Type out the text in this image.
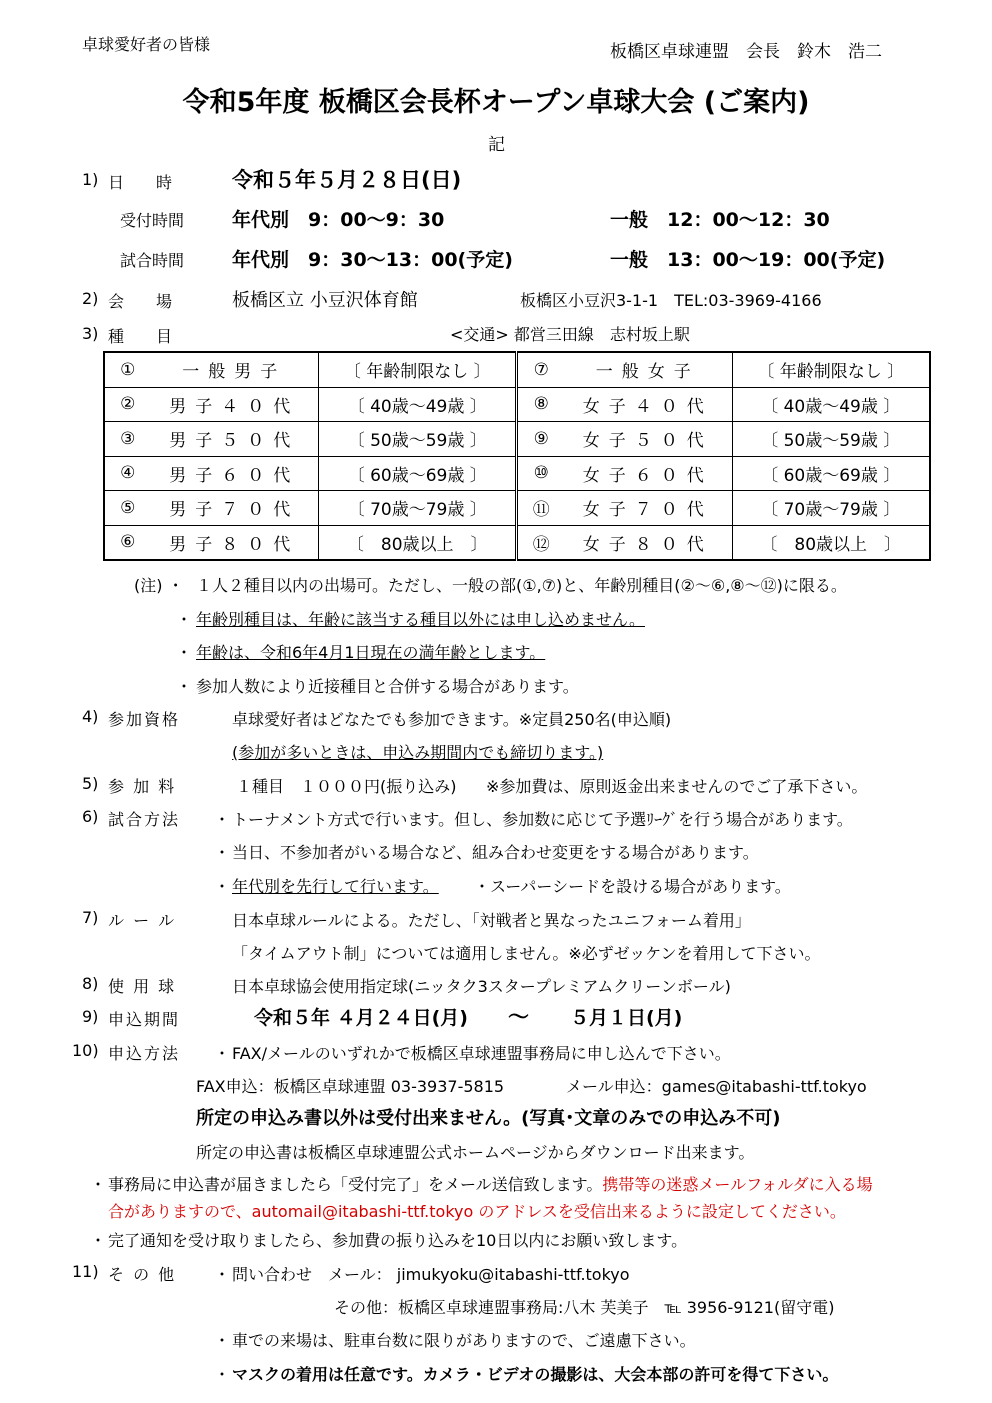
卓球愛好者の皆様	板橋区卓球連盟　会長　鈴木　浩二
令和5年度 板橋区会長杯オープン卓球大会 (ご案内)
記
1) 日　　時	令和５年５月２８日(日)
受付時間	年代別　9：00〜9：30	一般　12：00〜12：30
試合時間	年代別　9：30〜13：00(予定)	一般　13：00〜19：00(予定)
2) 会　　場	板橋区立 小豆沢体育館	板橋区小豆沢3-1-1　TEL:03-3969-4166
3) 種　　目	<交通> 都営三田線　志村坂上駅
①	一般男子	〔 年齢制限なし 〕	⑦	一般女子	〔 年齢制限なし 〕
②	男子４０代	〔 40歳〜49歳 〕	⑧	女子４０代	〔 40歳〜49歳 〕
③	男子５０代	〔 50歳〜59歳 〕	⑨	女子５０代	〔 50歳〜59歳 〕
④	男子６０代	〔 60歳〜69歳 〕	⑩	女子６０代	〔 60歳〜69歳 〕
⑤	男子７０代	〔 70歳〜79歳 〕	⑪	女子７０代	〔 70歳〜79歳 〕
⑥	男子８０代	〔　80歳以上　〕	⑫	女子８０代	〔　80歳以上　〕
(注) ・ １人２種目以内の出場可。ただし、一般の部(①,⑦)と、年齢別種目(②〜⑥,⑧〜⑫)に限る。
・ 年齢別種目は、年齢に該当する種目以外には申し込めません。
・ 年齢は、令和6年4月1日現在の満年齢とします。
・ 参加人数により近接種目と合併する場合があります。
4) 参加資格	卓球愛好者はどなたでも参加できます。※定員250名(申込順)
(参加が多いときは、申込み期間内でも締切ります。)
5) 参 加 料	１種目　１０００円(振り込み) ※参加費は、原則返金出来ませんのでご了承下さい。
6) 試合方法 ・ トーナメント方式で行います。但し、参加数に応じて予選ﾘｰｸﾞを行う場合があります。
・ 当日、不参加者がいる場合など、組み合わせ変更をする場合があります。
・ 年代別を先行して行います。 ・スーパーシードを設ける場合があります。
7) ル ー ル	日本卓球ルールによる。ただし、「対戦者と異なったユニフォーム着用」
「タイムアウト制」については適用しません。※必ずゼッケンを着用して下さい。
8) 使 用 球	日本卓球協会使用指定球(ニッタク3スタープレミアムクリーンボール)
9) 申込期間	令和５年 ４月２４日(月) 〜 ５月１日(月)
10) 申込方法 ・ FAX/メールのいずれかで板橋区卓球連盟事務局に申し込んで下さい。
FAX申込：板橋区卓球連盟 03-3937-5815	メール申込：games@itabashi-ttf.tokyo
所定の申込み書以外は受付出来ません。(写真･文章のみでの申込み不可)
所定の申込書は板橋区卓球連盟公式ホームページからダウンロード出来ます。
・ 事務局に申込書が届きましたら「受付完了」をメール送信致します。携帯等の迷惑メールフォルダに入る場
合がありますので、automail@itabashi-ttf.tokyo のアドレスを受信出来るように設定してください。
・ 完了通知を受け取りましたら、参加費の振り込みを10日以内にお願い致します。
11) そ の 他 ・ 問い合わせ　メール： jimukyoku@itabashi-ttf.tokyo
その他：板橋区卓球連盟事務局:八木 芙美子　℡ 3956-9121(留守電)
・ 車での来場は、駐車台数に限りがありますので、ご遠慮下さい。
・ マスクの着用は任意です。カメラ・ビデオの撮影は、大会本部の許可を得て下さい。
